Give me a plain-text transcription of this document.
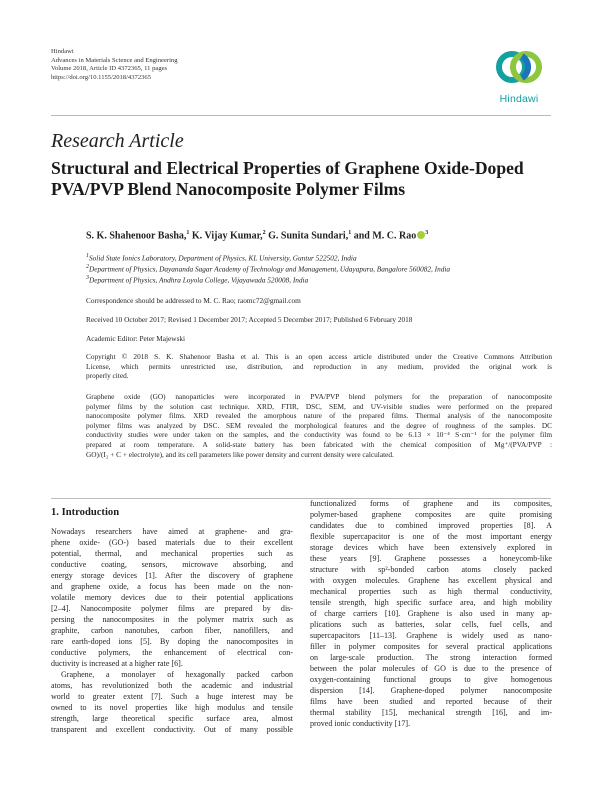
Hindawi
Advances in Materials Science and Engineering
Volume 2018, Article ID 4372365, 11 pages
https://doi.org/10.1155/2018/4372365
Hindawi
Research Article
Structural and Electrical Properties of Graphene Oxide-Doped
PVA/PVP Blend Nanocomposite Polymer Films
S. K. Shahenoor Basha,$^1$ K. Vijay Kumar,$^2$ G. Sunita Sundari,$^1$ and M. C. Rao $^3$
$^1$Solid State Ionics Laboratory, Department of Physics, KL University, Guntur 522502, India
$^2$Department of Physics, Dayananda Sagar Academy of Technology and Management, Udayapura, Bangalore 560082, India
$^3$Department of Physics, Andhra Loyola College, Vijayawada 520008, India
Correspondence should be addressed to M. C. Rao; raomc72@gmail.com
Received 10 October 2017; Revised 1 December 2017; Accepted 5 December 2017; Published 6 February 2018
Academic Editor: Peter Majewski
Copyright © 2018 S. K. Shahenoor Basha et al. This is an open access article distributed under the Creative Commons Attribution
License, which permits unrestricted use, distribution, and reproduction in any medium, provided the original work is
properly cited.
Graphene oxide (GO) nanoparticles were incorporated in PVA/PVP blend polymers for the preparation of nanocomposite
polymer films by the solution cast technique. XRD, FTIR, DSC, SEM, and UV-visible studies were performed on the prepared
nanocomposite polymer films. XRD revealed the amorphous nature of the prepared films. Thermal analysis of the nanocomposite
polymer films was analyzed by DSC. SEM revealed the morphological features and the degree of roughness of the samples. DC
conductivity studies were under taken on the samples, and the conductivity was found to be 6.13 × 10⁻⁴ S·cm⁻¹ for the polymer film
prepared at room temperature. A solid-state battery has been fabricated with the chemical composition of Mg⁺/(PVA/PVP :
GO)/(I₂ + C + electrolyte), and its cell parameters like power density and current density were calculated.
1. Introduction
Nowadays researchers have aimed at graphene- and gra-
phene oxide- (GO-) based materials due to their excellent
potential, thermal, and mechanical properties such as
conductive coating, sensors, microwave absorbing, and
energy storage devices [1]. After the discovery of graphene
and graphene oxide, a focus has been made on the non-
volatile memory devices due to their potential applications
[2–4]. Nanocomposite polymer films are prepared by dis-
persing the nanocomposites in the polymer matrix such as
graphite, carbon nanotubes, carbon fiber, nanofillers, and
rare earth-doped ions [5]. By doping the nanocomposites in
conductive polymers, the enhancement of electrical con-
ductivity is increased at a higher rate [6].
Graphene, a monolayer of hexagonally packed carbon
atoms, has revolutionized both the academic and industrial
world to greater extent [7]. Such a huge interest may be
owned to its novel properties like high modulus and tensile
strength, large theoretical specific surface area, almost
transparent and excellent conductivity. Out of many possible
functionalized forms of graphene and its composites,
polymer-based graphene composites are quite promising
candidates due to combined improved properties [8]. A
flexible supercapacitor is one of the most important energy
storage devices which have been extensively explored in
these years [9]. Graphene possesses a honeycomb-like
structure with sp²-bonded carbon atoms closely packed
with oxygen molecules. Graphene has excellent physical and
mechanical properties such as high thermal conductivity,
tensile strength, high specific surface area, and high mobility
of charge carriers [10]. Graphene is also used in many ap-
plications such as batteries, solar cells, fuel cells, and
supercapacitors [11–13]. Graphene is widely used as nano-
filler in polymer composites for several practical applications
on large-scale production. The strong interaction formed
between the polar molecules of GO is due to the presence of
oxygen-containing functional groups to give homogenous
dispersion [14]. Graphene-doped polymer nanocomposite
films have been studied and reported because of their
thermal stability [15], mechanical strength [16], and im-
proved ionic conductivity [17].
